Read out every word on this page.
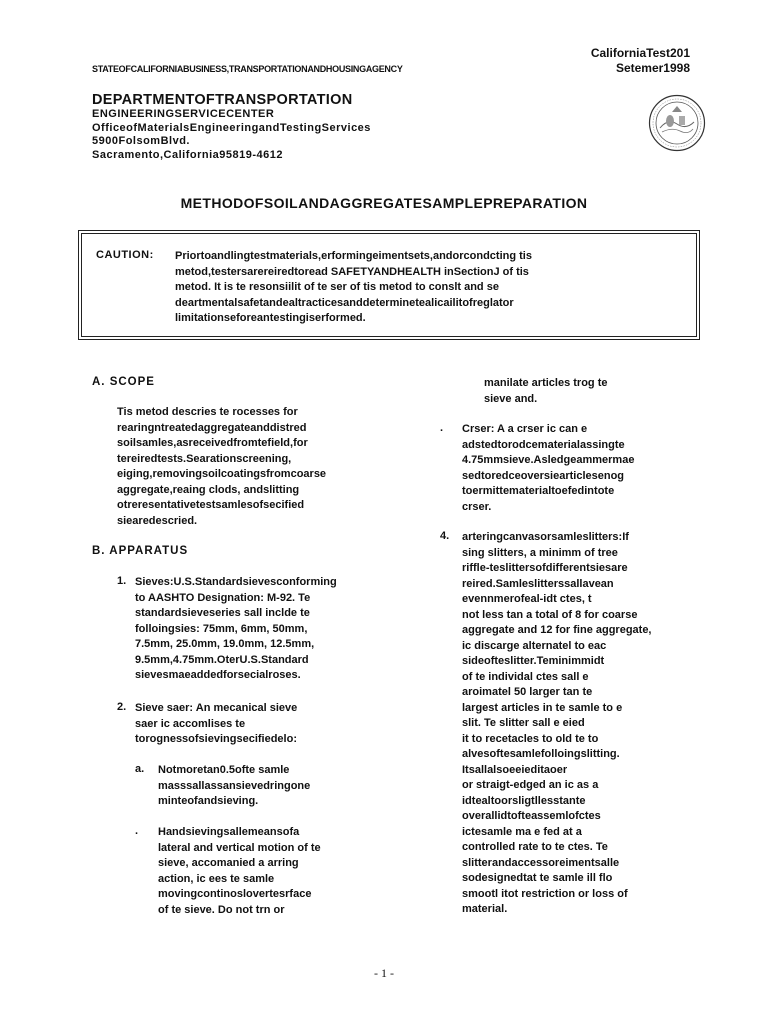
STATEOFCALIFORNIABUSINESS,TRANSPORTATIONANDHOUSINGAGENCY
CaliforniaTest201
Setemer1998
DEPARTMENTOFTRANSPORTATION
ENGINEERINGSERVICECENTER
OfficeofMaterialsEngineeringandTestingServices
5900FolsomBlvd.
Sacramento,California95819-4612
METHODOFSOILANDAGGREGATESAMPLEPREPARATION
CAUTION: Priortoandlingtestmaterials,erformingeimentsets,andorcondcting tis
metod,testersarereiredtoread SAFETYANDHEALTH inSectionJ of tis
metod. It is te resonsiilit of te ser of tis metod to conslt and se
deartmentalsafetandealtracticesanddeterminetealicailitofreglator
limitationseforeantestingiserformed.
A. SCOPE
Tis metod descries te rocesses for
rearingntreatedaggregateanddistred
soilsamles,asreceivedfromtefield,for
tereiredtests.Searationscreening,
eiging,removingsoilcoatingsfromcoarse
aggregate,reaing clods, andslitting
otreresentativetestsamlesofsecified
siearedescried.
B. APPARATUS
1. Sieves:U.S.Standardsievesconforming
to AASHTO Designation: M-92. Te
standardsieveseries sall inclde te
folloingsies: 75mm, 6mm, 50mm,
7.5mm, 25.0mm, 19.0mm, 12.5mm,
9.5mm,4.75mm.OterU.S.Standard
sievesmaeaddedforsecialroses.
2. Sieve saer: An mecanical sieve
saer ic accomlises te
torognessofsievingsecifiedelo:
a. Notmoretan0.5ofte samle
masssallassansievedringone
minteofandsieving.
. Handsievingsallemeansofa
lateral and vertical motion of te
sieve, accomanied a arring
action, ic ees te samle
movingcontinoslovertesrface
of te sieve. Do not trn or
manilate articles trog te
sieve and.
. Crser: A a crser ic can e
adstedtorodcematerialassingte
4.75mmsieve.Asledgeammermae
sedtoredceoversiearticlesenog
toermittematerialtoefedintote
crser.
4. arteringcanvasorsamleslitters:If
sing slitters, a minimm of tree
riffle-teslittersofdifferentsiesare
reired.Samleslitterssallavean
evennmerofeal-idt ctes, t
not less tan a total of 8 for coarse
aggregate and 12 for fine aggregate,
ic discarge alternatel to eac
sideofteslitter.Teminimmidt
of te individal ctes sall e
aroimatel 50 larger tan te
largest articles in te samle to e
slit. Te slitter sall e eied
it to recetacles to old te to
alvesoftesamlefolloingslitting.
Itsallalsoeeieditaoer
or straigt-edged an ic as a
idtealtoorsligtllesstante
overallidtofteassemlofctes
ictesamle ma e fed at a
controlled rate to te ctes. Te
slitterandaccessoreimentsalle
sodesignedtat te samle ill flo
smootl itot restriction or loss of
material.
- 1 -
